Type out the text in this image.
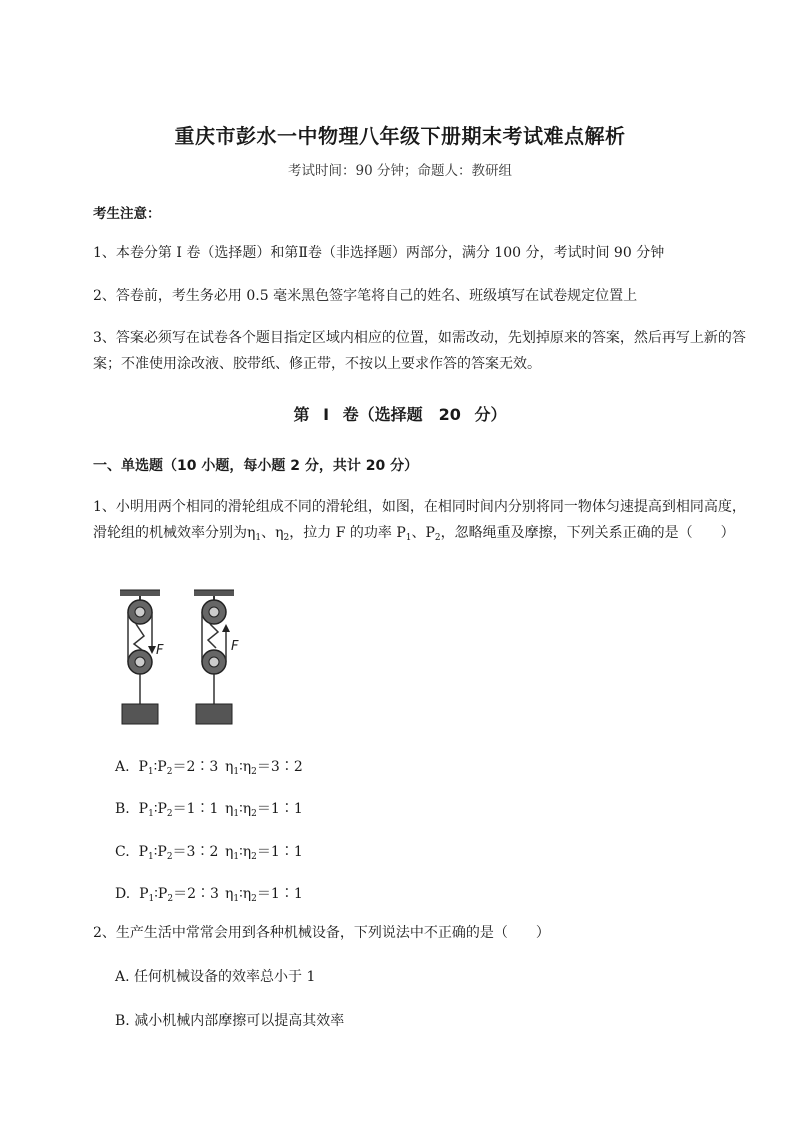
重庆市彭水一中物理八年级下册期末考试难点解析
考试时间：90 分钟；命题人：教研组
考生注意：
1、本卷分第 I 卷（选择题）和第Ⅱ卷（非选择题）两部分，满分 100 分，考试时间 90 分钟
2、答卷前，考生务必用 0.5 毫米黑色签字笔将自己的姓名、班级填写在试卷规定位置上
3、答案必须写在试卷各个题目指定区域内相应的位置，如需改动，先划掉原来的答案，然后再写上新的答案；不准使用涂改液、胶带纸、修正带，不按以上要求作答的答案无效。
第 I 卷（选择题　20 分）
一、单选题（10 小题，每小题 2 分，共计 20 分）
1、小明用两个相同的滑轮组成不同的滑轮组，如图，在相同时间内分别将同一物体匀速提高到相同高度，滑轮组的机械效率分别为$\eta_1$、$\eta_2$，拉力 F 的功率 $P_1$、$P_2$，忽略绳重及摩擦，下列关系正确的是（　　）
F	F
A. $P_1∶P_2=2∶3$ $\eta_1∶\eta_2=3∶2$
B. $P_1∶P_2=1∶1$ $\eta_1∶\eta_2=1∶1$
C. $P_1∶P_2=3∶2$ $\eta_1∶\eta_2=1∶1$
D. $P_1∶P_2=2∶3$ $\eta_1∶\eta_2=1∶1$
2、生产生活中常常会用到各种机械设备，下列说法中不正确的是（　　）
A. 任何机械设备的效率总小于 1
B. 减小机械内部摩擦可以提高其效率
